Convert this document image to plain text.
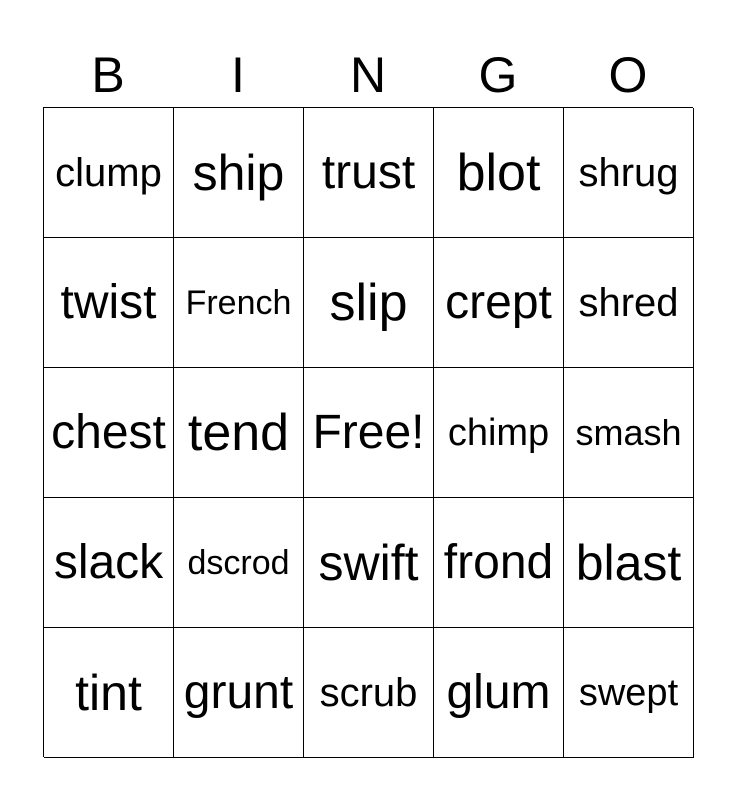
B	I	N	G	O
clump ship trust blot shrug
twist French slip crept shred
chest tend Free! chimp smash
slack dscrod swift frond blast
tint grunt scrub glum swept
